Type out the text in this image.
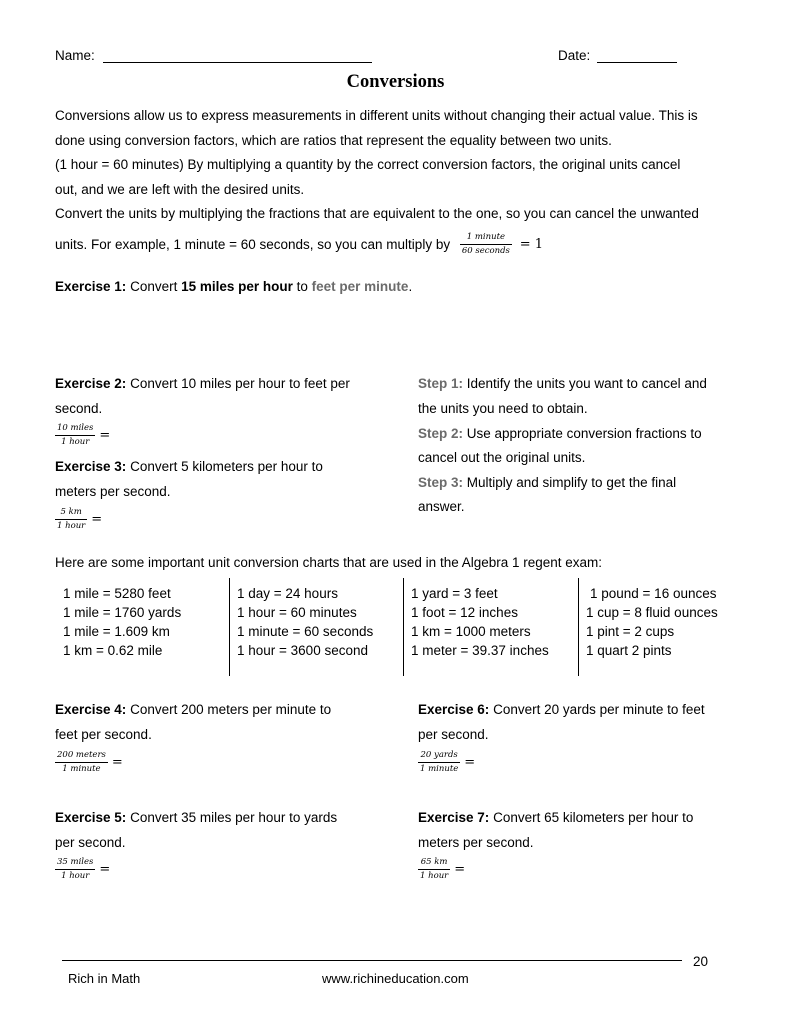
Name:	Date:
Conversions
Conversions allow us to express measurements in different units without changing their actual value. This is
done using conversion factors, which are ratios that represent the equality between two units.
(1 hour = 60 minutes) By multiplying a quantity by the correct conversion factors, the original units cancel
out, and we are left with the desired units.
Convert the units by multiplying the fractions that are equivalent to the one, so you can cancel the unwanted
units. For example, 1 minute = 60 seconds, so you can multiply by $\frac{\text{1 minute}}{\text{60 seconds}} = 1$
Exercise 1: Convert 15 miles per hour to feet per minute.
Exercise 2: Convert 10 miles per hour to feet per
second.
$\frac{\text{10 miles}}{\text{1 hour}}$ =
Exercise 3: Convert 5 kilometers per hour to
meters per second.
$\frac{5 km}{\text{1 hour}}$ =
Step 1: Identify the units you want to cancel and
the units you need to obtain.
Step 2: Use appropriate conversion fractions to
cancel out the original units.
Step 3: Multiply and simplify to get the final
answer.
Here are some important unit conversion charts that are used in the Algebra 1 regent exam:
1 mile = 5280 feet
1 mile = 1760 yards
1 mile = 1.609 km
1 km = 0.62 mile
1 day = 24 hours
1 hour = 60 minutes
1 minute = 60 seconds
1 hour = 3600 second
1 yard = 3 feet
1 foot = 12 inches
1 km = 1000 meters
1 meter = 39.37 inches
1 pound = 16 ounces
1 cup = 8 fluid ounces
1 pint = 2 cups
1 quart 2 pints
Exercise 4: Convert 200 meters per minute to
feet per second.
$\frac{\text{200 meters}}{\text{1 minute}}$ =
Exercise 5: Convert 35 miles per hour to yards
per second.
$\frac{\text{35 miles}}{\text{1 hour}}$ =
Exercise 6: Convert 20 yards per minute to feet
per second.
$\frac{\text{20 yards}}{\text{1 minute}}$ =
Exercise 7: Convert 65 kilometers per hour to
meters per second.
$\frac{65 km}{\text{1 hour}}$ =
20
Rich in Math	www.richineducation.com
